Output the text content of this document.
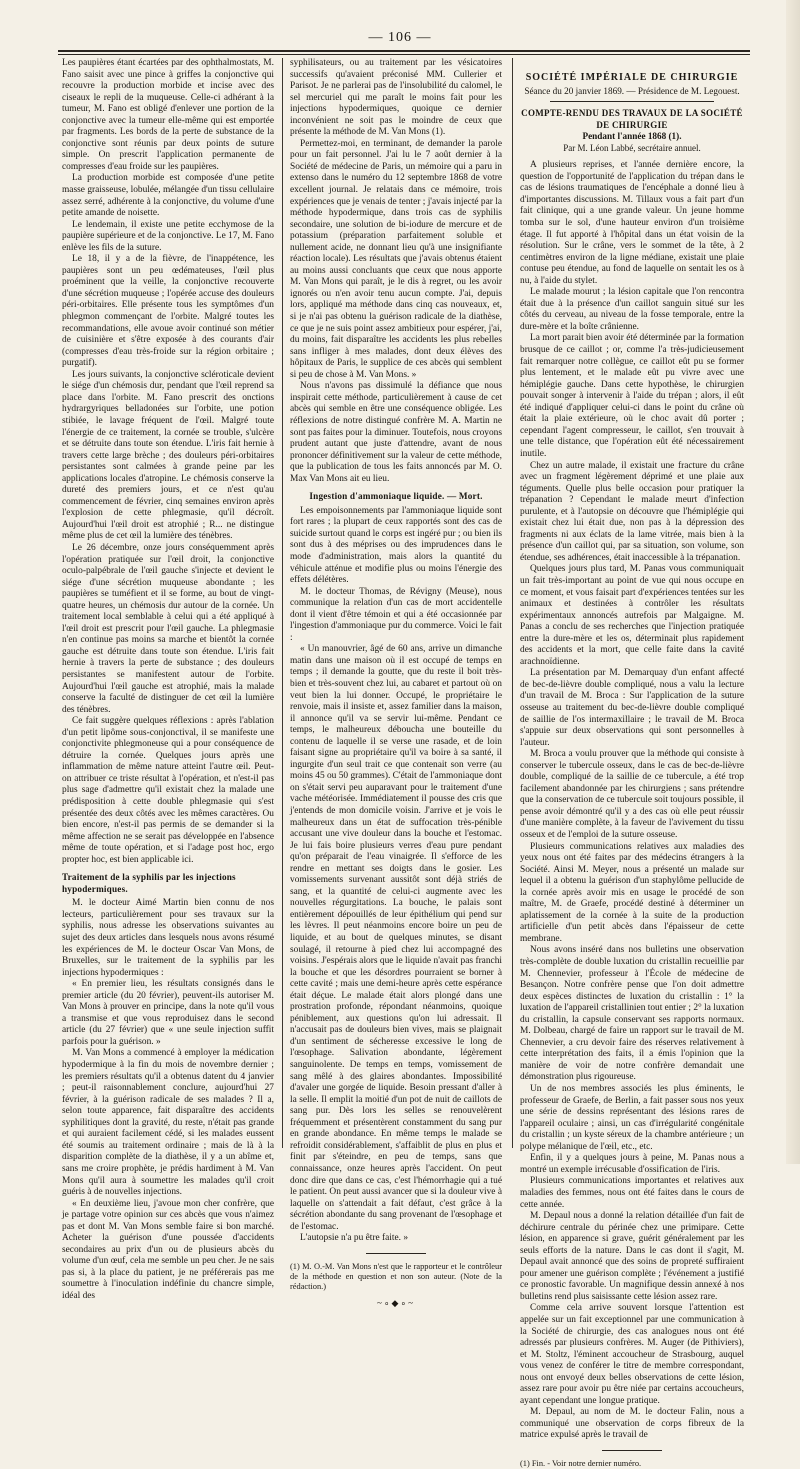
— 106 —

Les paupières étant écartées par des ophthalmostats, M. Fano saisit avec une pince à griffes la conjonctive qui recouvre la production morbide et incise avec des ciseaux le repli de la muqueuse. Celle-ci adhérant à la tumeur, M. Fano est obligé d'enlever une portion de la conjonctive avec la tumeur elle-même qui est emportée par fragments. Les bords de la perte de substance de la conjonctive sont réunis par deux points de suture simple. On prescrit l'application permanente de compresses d'eau froide sur les paupières.

La production morbide est composée d'une petite masse graisseuse, lobulée, mélangée d'un tissu cellulaire assez serré, adhérente à la conjonctive, du volume d'une petite amande de noisette.

Le lendemain, il existe une petite ecchymose de la paupière supérieure et de la conjonctive. Le 17, M. Fano enlève les fils de la suture.

Le 18, il y a de la fièvre, de l'inappétence, les paupières sont un peu œdémateuses, l'œil plus proéminent que la veille, la conjonctive recouverte d'une sécrétion muqueuse ; l'opérée accuse des douleurs péri-orbitaires. Elle présente tous les symptômes d'un phlegmon commençant de l'orbite. Malgré toutes les recommandations, elle avoue avoir continué son métier de cuisinière et s'être exposée à des courants d'air (compresses d'eau très-froide sur la région orbitaire ; purgatif).

Les jours suivants, la conjonctive scléroticale devient le siége d'un chémosis dur, pendant que l'œil reprend sa place dans l'orbite. M. Fano prescrit des onctions hydrargyriques belladonées sur l'orbite, une potion stibiée, le lavage fréquent de l'œil. Malgré toute l'énergie de ce traitement, la cornée se trouble, s'ulcère et se détruite dans toute son étendue. L'iris fait hernie à travers cette large brèche ; des douleurs péri-orbitaires persistantes sont calmées à grande peine par les applications locales d'atropine. Le chémosis conserve la dureté des premiers jours, et ce n'est qu'au commencement de février, cinq semaines environ après l'explosion de cette phlegmasie, qu'il décroît. Aujourd'hui l'œil droit est atrophié ; R... ne distingue même plus de cet œil la lumière des ténèbres.

Le 26 décembre, onze jours conséquemment après l'opération pratiquée sur l'œil droit, la conjonctive oculo-palpébrale de l'œil gauche s'injecte et devient le siége d'une sécrétion muqueuse abondante ; les paupières se tuméfient et il se forme, au bout de vingt-quatre heures, un chémosis dur autour de la cornée. Un traitement local semblable à celui qui a été appliqué à l'œil droit est prescrit pour l'œil gauche. La phlegmasie n'en continue pas moins sa marche et bientôt la cornée gauche est détruite dans toute son étendue. L'iris fait hernie à travers la perte de substance ; des douleurs persistantes se manifestent autour de l'orbite. Aujourd'hui l'œil gauche est atrophié, mais la malade conserve la faculté de distinguer de cet œil la lumière des ténèbres.

Ce fait suggère quelques réflexions : après l'ablation d'un petit lipôme sous-conjonctival, il se manifeste une conjonctivite phlegmoneuse qui a pour conséquence de détruire la cornée. Quelques jours après une inflammation de même nature atteint l'autre œil. Peut-on attribuer ce triste résultat à l'opération, et n'est-il pas plus sage d'admettre qu'il existait chez la malade une prédisposition à cette double phlegmasie qui s'est présentée des deux côtés avec les mêmes caractères. Ou bien encore, n'est-il pas permis de se demander si la même affection ne se serait pas développée en l'absence même de toute opération, et si l'adage post hoc, ergo propter hoc, est bien applicable ici.

Traitement de la syphilis par les injections hypodermiques.

M. le docteur Aimé Martin bien connu de nos lecteurs, particulièrement pour ses travaux sur la syphilis, nous adresse les observations suivantes au sujet des deux articles dans lesquels nous avons résumé les expériences de M. le docteur Oscar Van Mons, de Bruxelles, sur le traitement de la syphilis par les injections hypodermiques :

« En premier lieu, les résultats consignés dans le premier article (du 20 février), peuvent-ils autoriser M. Van Mons à prouver en principe, dans la note qu'il vous a transmise et que vous reproduisez dans le second article (du 27 février) que « une seule injection suffit parfois pour la guérison. »

M. Van Mons a commencé à employer la médication hypodermique à la fin du mois de novembre dernier ; les premiers résultats qu'il a obtenus datent du 4 janvier ; peut-il raisonnablement conclure, aujourd'hui 27 février, à la guérison radicale de ses malades ? Il a, selon toute apparence, fait disparaître des accidents syphilitiques dont la gravité, du reste, n'était pas grande et qui auraient facilement cédé, si les malades eussent été soumis au traitement ordinaire ; mais de là à la disparition complète de la diathèse, il y a un abîme et, sans me croire prophète, je prédis hardiment à M. Van Mons qu'il aura à soumettre les malades qu'il croit guéris à de nouvelles injections.

« En deuxième lieu, j'avoue mon cher confrère, que je partage votre opinion sur ces abcès que vous n'aimez pas et dont M. Van Mons semble faire si bon marché. Acheter la guérison d'une poussée d'accidents secondaires au prix d'un ou de plusieurs abcès du volume d'un œuf, cela me semble un peu cher. Je ne sais pas si, à la place du patient, je ne préférerais pas me soumettre à l'inoculation indéfinie du chancre simple, idéal des

syphilisateurs, ou au traitement par les vésicatoires successifs qu'avaient préconisé MM. Cullerier et Parisot. Je ne parlerai pas de l'insolubilité du calomel, le sel mercuriel qui me paraît le moins fait pour les injections hypodermiques, quoique ce dernier inconvénient ne soit pas le moindre de ceux que présente la méthode de M. Van Mons (1).

Permettez-moi, en terminant, de demander la parole pour un fait personnel. J'ai lu le 7 août dernier à la Société de médecine de Paris, un mémoire qui a paru in extenso dans le numéro du 12 septembre 1868 de votre excellent journal. Je relatais dans ce mémoire, trois expériences que je venais de tenter ; j'avais injecté par la méthode hypodermique, dans trois cas de syphilis secondaire, une solution de bi-iodure de mercure et de potassium (préparation parfaitement soluble et nullement acide, ne donnant lieu qu'à une insignifiante réaction locale). Les résultats que j'avais obtenus étaient au moins aussi concluants que ceux que nous apporte M. Van Mons qui paraît, je le dis à regret, ou les avoir ignorés ou n'en avoir tenu aucun compte. J'ai, depuis lors, appliqué ma méthode dans cinq cas nouveaux, et, si je n'ai pas obtenu la guérison radicale de la diathèse, ce que je ne suis point assez ambitieux pour espérer, j'ai, du moins, fait disparaître les accidents les plus rebelles sans infliger à mes malades, dont deux élèves des hôpitaux de Paris, le supplice de ces abcès qui semblent si peu de chose à M. Van Mons. »

Nous n'avons pas dissimulé la défiance que nous inspirait cette méthode, particulièrement à cause de cet abcès qui semble en être une conséquence obligée. Les réflexions de notre distingué confrère M. A. Martin ne sont pas faites pour la diminuer. Toutefois, nous croyons prudent autant que juste d'attendre, avant de nous prononcer définitivement sur la valeur de cette méthode, que la publication de tous les faits annoncés par M. O. Max Van Mons ait eu lieu.

Ingestion d'ammoniaque liquide. — Mort.

Les empoisonnements par l'ammoniaque liquide sont fort rares ; la plupart de ceux rapportés sont des cas de suicide surtout quand le corps est ingéré pur ; ou bien ils sont dus à des méprises ou des imprudences dans le mode d'administration, mais alors la quantité du véhicule atténue et modifie plus ou moins l'énergie des effets délétères.

M. le docteur Thomas, de Révigny (Meuse), nous communique la relation d'un cas de mort accidentelle dont il vient d'être témoin et qui a été occasionnée par l'ingestion d'ammoniaque pur du commerce. Voici le fait :

« Un manouvrier, âgé de 60 ans, arrive un dimanche matin dans une maison où il est occupé de temps en temps ; il demande la goutte, que du reste il boit très-bien et très-souvent chez lui, au cabaret et partout où on veut bien la lui donner. Occupé, le propriétaire le renvoie, mais il insiste et, assez familier dans la maison, il annonce qu'il va se servir lui-même. Pendant ce temps, le malheureux déboucha une bouteille du contenu de laquelle il se verse une rasade, et de loin faisant signe au propriétaire qu'il va boire à sa santé, il ingurgite d'un seul trait ce que contenait son verre (au moins 45 ou 50 grammes). C'était de l'ammoniaque dont on s'était servi peu auparavant pour le traitement d'une vache météorisée. Immédiatement il pousse des cris que j'entends de mon domicile voisin. J'arrive et je vois le malheureux dans un état de suffocation très-pénible accusant une vive douleur dans la bouche et l'estomac. Je lui fais boire plusieurs verres d'eau pure pendant qu'on préparait de l'eau vinaigrée. Il s'efforce de les rendre en mettant ses doigts dans le gosier. Les vomissements survenant aussitôt sont déjà striés de sang, et la quantité de celui-ci augmente avec les nouvelles régurgitations. La bouche, le palais sont entièrement dépouillés de leur épithélium qui pend sur les lèvres. Il peut néanmoins encore boire un peu de liquide, et au bout de quelques minutes, se disant soulagé, il retourne à pied chez lui accompagné des voisins. J'espérais alors que le liquide n'avait pas franchi la bouche et que les désordres pourraient se borner à cette cavité ; mais une demi-heure après cette espérance était déçue. Le malade était alors plongé dans une prostration profonde, répondant néanmoins, quoique péniblement, aux questions qu'on lui adressait. Il n'accusait pas de douleurs bien vives, mais se plaignait d'un sentiment de sécheresse excessive le long de l'œsophage. Salivation abondante, légèrement sanguinolente. De temps en temps, vomissement de sang mêlé à des glaires abondantes. Impossibilité d'avaler une gorgée de liquide. Besoin pressant d'aller à la selle. Il emplit la moitié d'un pot de nuit de caillots de sang pur. Dès lors les selles se renouvelèrent fréquemment et présentèrent constamment du sang pur en grande abondance. En même temps le malade se refroidit considérablement, s'affaiblit de plus en plus et finit par s'éteindre, en peu de temps, sans que connaissance, onze heures après l'accident. On peut donc dire que dans ce cas, c'est l'hémorrhagie qui a tué le patient. On peut aussi avancer que si la douleur vive à laquelle on s'attendait a fait défaut, c'est grâce à la sécrétion abondante du sang provenant de l'œsophage et de l'estomac.

L'autopsie n'a pu être faite. »

(1) M. O.-M. Van Mons n'est que le rapporteur et le contrôleur de la méthode en question et non son auteur. (Note de la rédaction.)

~∘◆∘~
SOCIÉTÉ IMPÉRIALE DE CHIRURGIE
Séance du 20 janvier 1869. — Présidence de M. Legouest.
COMPTE-RENDU DES TRAVAUX DE LA SOCIÉTÉ DE CHIRURGIE
Pendant l'année 1868 (1).
Par M. Léon Labbé, secrétaire annuel.

A plusieurs reprises, et l'année dernière encore, la question de l'opportunité de l'application du trépan dans le cas de lésions traumatiques de l'encéphale a donné lieu à d'importantes discussions. M. Tillaux vous a fait part d'un fait clinique, qui a une grande valeur. Un jeune homme tomba sur le sol, d'une hauteur environ d'un troisième étage. Il fut apporté à l'hôpital dans un état voisin de la résolution. Sur le crâne, vers le sommet de la tête, à 2 centimètres environ de la ligne médiane, existait une plaie contuse peu étendue, au fond de laquelle on sentait les os à nu, à l'aide du stylet.

Le malade mourut ; la lésion capitale que l'on rencontra était due à la présence d'un caillot sanguin situé sur les côtés du cerveau, au niveau de la fosse temporale, entre la dure-mère et la boîte crânienne.

La mort parait bien avoir été déterminée par la formation brusque de ce caillot ; or, comme l'a très-judicieusement fait remarquer notre collègue, ce caillot eût pu se former plus lentement, et le malade eût pu vivre avec une hémiplégie gauche. Dans cette hypothèse, le chirurgien pouvait songer à intervenir à l'aide du trépan ; alors, il eût été indiqué d'appliquer celui-ci dans le point du crâne où était la plaie extérieure, où le choc avait dû porter ; cependant l'agent compresseur, le caillot, s'en trouvait à une telle distance, que l'opération eût été nécessairement inutile.

Chez un autre malade, il existait une fracture du crâne avec un fragment légèrement déprimé et une plaie aux téguments. Quelle plus belle occasion pour pratiquer la trépanation ? Cependant le malade meurt d'infection purulente, et à l'autopsie on découvre que l'hémiplégie qui existait chez lui était due, non pas à la dépression des fragments ni aux éclats de la lame vitrée, mais bien à la présence d'un caillot qui, par sa situation, son volume, son étendue, ses adhérences, était inaccessible à la trépanation.

Quelques jours plus tard, M. Panas vous communiquait un fait très-important au point de vue qui nous occupe en ce moment, et vous faisait part d'expériences tentées sur les animaux et destinées à contrôler les résultats expérimentaux annoncés autrefois par Malgaigne. M. Panas a conclu de ses recherches que l'injection pratiquée entre la dure-mère et les os, déterminait plus rapidement des accidents et la mort, que celle faite dans la cavité arachnoïdienne.

La présentation par M. Demarquay d'un enfant affecté de bec-de-lièvre double compliqué, nous a valu la lecture d'un travail de M. Broca : Sur l'application de la suture osseuse au traitement du bec-de-lièvre double compliqué de saillie de l'os intermaxillaire ; le travail de M. Broca s'appuie sur deux observations qui sont personnelles à l'auteur.

M. Broca a voulu prouver que la méthode qui consiste à conserver le tubercule osseux, dans le cas de bec-de-lièvre double, compliqué de la saillie de ce tubercule, a été trop facilement abandonnée par les chirurgiens ; sans prétendre que la conservation de ce tubercule soit toujours possible, il pense avoir démontré qu'il y a des cas où elle peut réussir d'une manière complète, à la faveur de l'avivement du tissu osseux et de l'emploi de la suture osseuse.

Plusieurs communications relatives aux maladies des yeux nous ont été faites par des médecins étrangers à la Société. Ainsi M. Meyer, nous a présenté un malade sur lequel il a obtenu la guérison d'un staphylôme pellucide de la cornée après avoir mis en usage le procédé de son maître, M. de Graefe, procédé destiné à déterminer un aplatissement de la cornée à la suite de la production artificielle d'un petit abcès dans l'épaisseur de cette membrane.

Nous avons inséré dans nos bulletins une observation très-complète de double luxation du cristallin recueillie par M. Chennevier, professeur à l'École de médecine de Besançon. Notre confrère pense que l'on doit admettre deux espèces distinctes de luxation du cristallin : 1° la luxation de l'appareil cristallinien tout entier ; 2° la luxation du cristallin, la capsule conservant ses rapports normaux. M. Dolbeau, chargé de faire un rapport sur le travail de M. Chennevier, a cru devoir faire des réserves relativement à cette interprétation des faits, il a émis l'opinion que la manière de voir de notre confrère demandait une démonstration plus rigoureuse.

Un de nos membres associés les plus éminents, le professeur de Graefe, de Berlin, a fait passer sous nos yeux une série de dessins représentant des lésions rares de l'appareil oculaire ; ainsi, un cas d'irrégularité congénitale du cristallin ; un kyste séreux de la chambre antérieure ; un polype mélanique de l'œil, etc., etc.

Enfin, il y a quelques jours à peine, M. Panas nous a montré un exemple irrécusable d'ossification de l'iris.

Plusieurs communications importantes et relatives aux maladies des femmes, nous ont été faites dans le cours de cette année.

M. Depaul nous a donné la relation détaillée d'un fait de déchirure centrale du périnée chez une primipare. Cette lésion, en apparence si grave, guérit généralement par les seuls efforts de la nature. Dans le cas dont il s'agit, M. Depaul avait annoncé que des soins de propreté suffiraient pour amener une guérison complète ; l'événement a justifié ce pronostic favorable. Un magnifique dessin annexé à nos bulletins rend plus saisissante cette lésion assez rare.

Comme cela arrive souvent lorsque l'attention est appelée sur un fait exceptionnel par une communication à la Société de chirurgie, des cas analogues nous ont été adressés par plusieurs confrères. M. Auger (de Pithiviers), et M. Stoltz, l'éminent accoucheur de Strasbourg, auquel vous venez de conférer le titre de membre correspondant, nous ont envoyé deux belles observations de cette lésion, assez rare pour avoir pu être niée par certains accoucheurs, ayant cependant une longue pratique.

M. Depaul, au nom de M. le docteur Falin, nous a communiqué une observation de corps fibreux de la matrice expulsé après le travail de

(1) Fin. - Voir notre dernier numéro.
